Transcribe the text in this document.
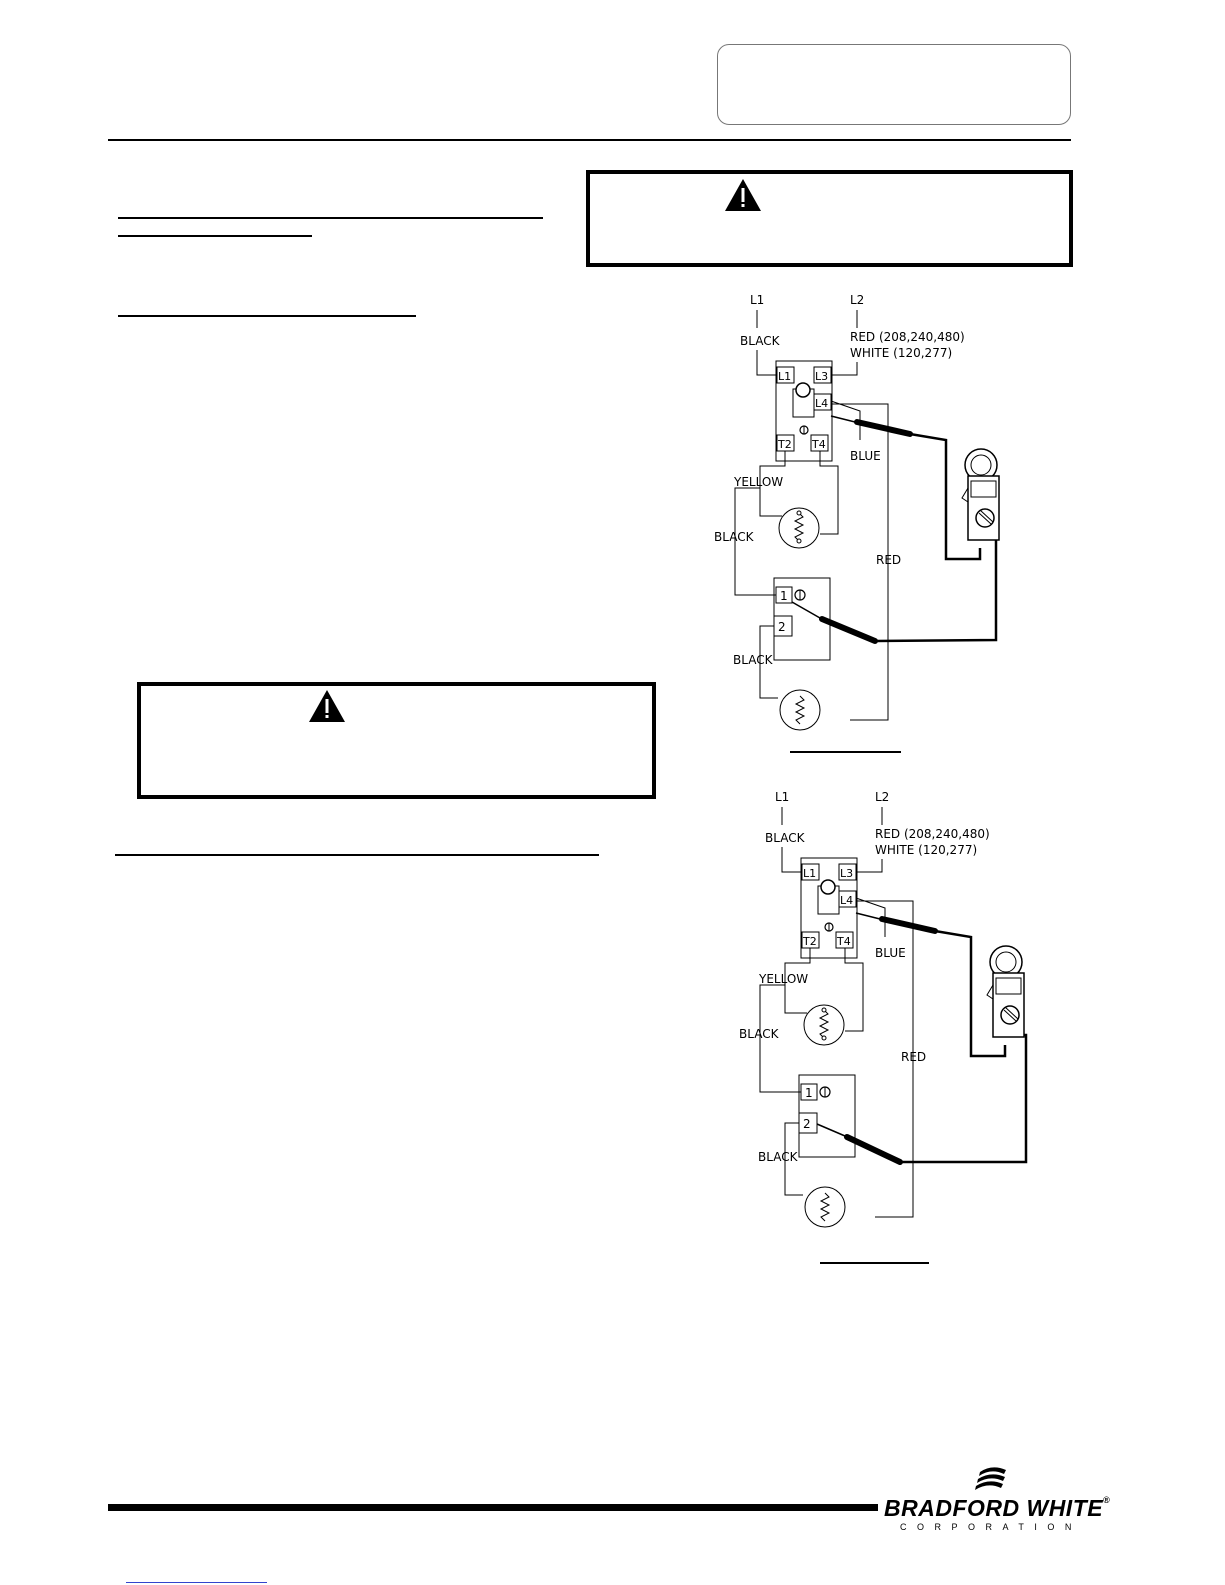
L1	L2
BLACK	RED (208,240,480)
WHITE (120,277)
L1 L3
L4
T2 T4
BLUE
RED
YELLOW
BLACK
1
2
BLACK
L1	L2
BLACK	RED (208,240,480)
WHITE (120,277)
L1 L3
L4
T2 T4
BLUE
RED
YELLOW
BLACK
1
2
BLACK
BRADFORD WHITE®
CORPORATION
